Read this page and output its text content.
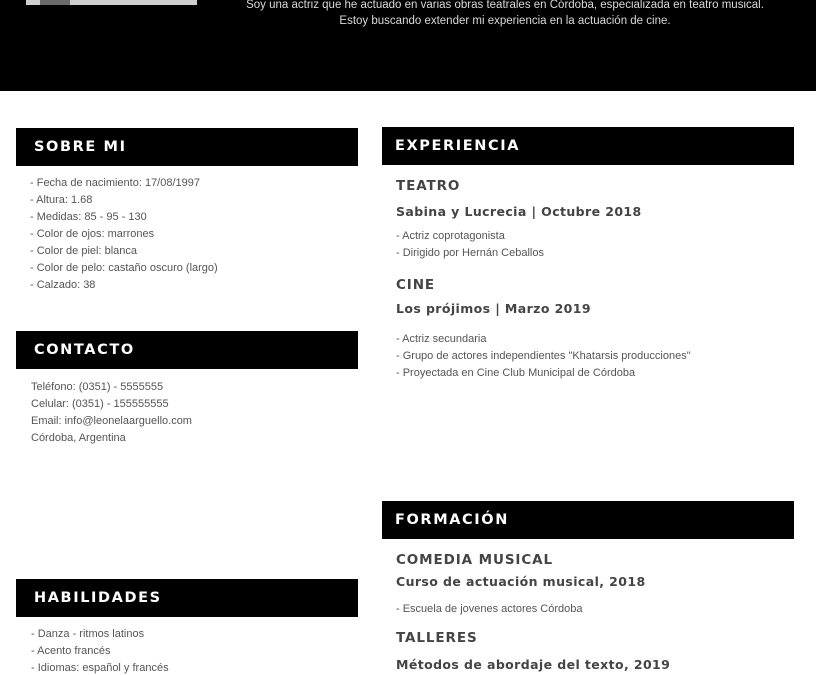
Soy una actriz que he actuado en varias obras teatrales en Córdoba, especializada en teatro musical.

Estoy buscando extender mi experiencia en la actuación de cine.

SOBRE MI
- Fecha de nacimiento: 17/08/1997
- Altura: 1.68
- Medidas: 85 - 95 - 130
- Color de ojos: marrones
- Color de piel: blanca
- Color de pelo: castaño oscuro (largo)
- Calzado: 38
CONTACTO
Teléfono: (0351) - 5555555
Celular: (0351) - 155555555
Email: info@leonelaarguello.com
Córdoba, Argentina
HABILIDADES
- Danza - ritmos latinos
- Acento francés
- Idiomas: español y francés
EXPERIENCIA
TEATRO
Sabina y Lucrecia | Octubre 2018
- Actriz coprotagonista
- Dirigido por Hernán Ceballos
CINE
Los prójimos | Marzo 2019
- Actriz secundaria
- Grupo de actores independientes "Khatarsis producciones"
- Proyectada en Cine Club Municipal de Córdoba
FORMACIÓN
COMEDIA MUSICAL
Curso de actuación musical, 2018
- Escuela de jovenes actores Córdoba
TALLERES
Métodos de abordaje del texto, 2019
